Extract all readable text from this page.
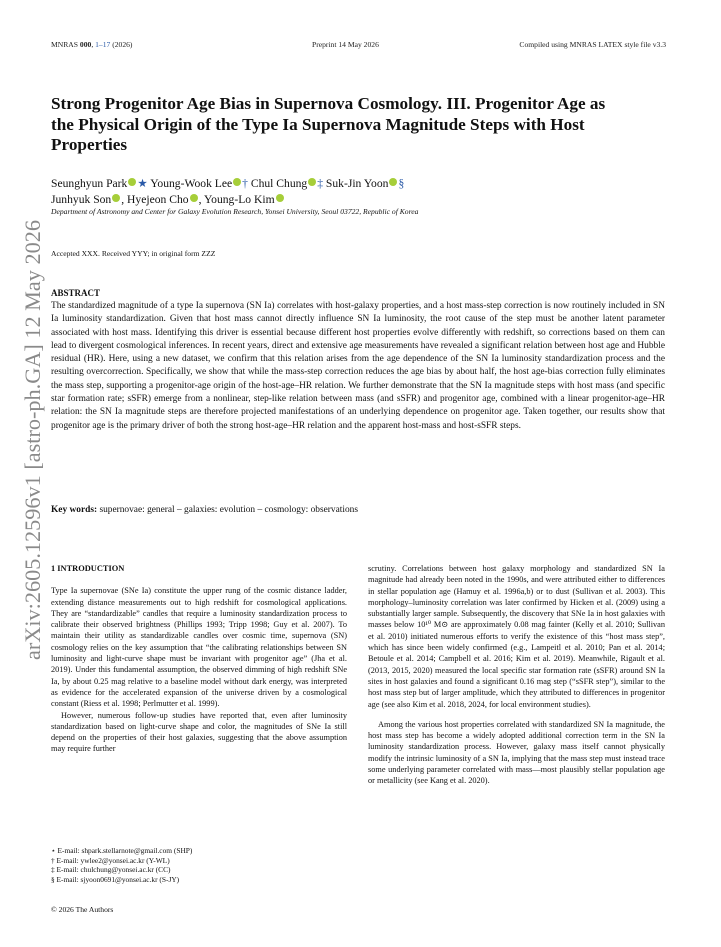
MNRAS 000, 1–17 (2026)	Preprint 14 May 2026	Compiled using MNRAS LATEX style file v3.3
arXiv:2605.12596v1 [astro-ph.GA] 12 May 2026
Strong Progenitor Age Bias in Supernova Cosmology. III. Progenitor Age as the Physical Origin of the Type Ia Supernova Magnitude Steps with Host Properties
Seunghyun Park ★ Young-Wook Lee † Chul Chung ‡ Suk-Jin Yoon §
Junhyuk Son , Hyejeon Cho , Young-Lo Kim
Department of Astronomy and Center for Galaxy Evolution Research, Yonsei University, Seoul 03722, Republic of Korea
Accepted XXX. Received YYY; in original form ZZZ
ABSTRACT
The standardized magnitude of a type Ia supernova (SN Ia) correlates with host-galaxy properties, and a host mass-step correction is now routinely included in SN Ia luminosity standardization. Given that host mass cannot directly influence SN Ia luminosity, the root cause of the step must be another latent parameter associated with host mass. Identifying this driver is essential because different host properties evolve differently with redshift, so corrections based on them can lead to divergent cosmological inferences. In recent years, direct and extensive age measurements have revealed a significant relation between host age and Hubble residual (HR). Here, using a new dataset, we confirm that this relation arises from the age dependence of the SN Ia luminosity standardization process and the resulting overcorrection. Specifically, we show that while the mass-step correction reduces the age bias by about half, the host age-bias correction fully eliminates the mass step, supporting a progenitor-age origin of the host-age–HR relation. We further demonstrate that the SN Ia magnitude steps with host mass (and specific star formation rate; sSFR) emerge from a nonlinear, step-like relation between mass (and sSFR) and progenitor age, combined with a linear progenitor-age–HR relation: the SN Ia magnitude steps are therefore projected manifestations of an underlying dependence on progenitor age. Taken together, our results show that progenitor age is the primary driver of both the strong host-age–HR relation and the apparent host-mass and host-sSFR steps.
Key words: supernovae: general – galaxies: evolution – cosmology: observations
1 INTRODUCTION

Type Ia supernovae (SNe Ia) constitute the upper rung of the cosmic distance ladder, extending distance measurements out to high redshift for cosmological applications. They are “standardizable” candles that require a luminosity standardization process to calibrate their observed brightness (Phillips 1993; Tripp 1998; Guy et al. 2007). To maintain their utility as standardizable candles over cosmic time, supernova (SN) cosmology relies on the key assumption that “the calibrating relationships between SN luminosity and light-curve shape must be invariant with progenitor age” (Jha et al. 2019). Under this fundamental assumption, the observed dimming of high redshift SNe Ia, by about 0.25 mag relative to a baseline model without dark energy, was interpreted as evidence for the accelerated expansion of the universe driven by a cosmological constant (Riess et al. 1998; Perlmutter et al. 1999).

However, numerous follow-up studies have reported that, even after luminosity standardization based on light-curve shape and color, the magnitudes of SNe Ia still depend on the properties of their host galaxies, suggesting that the above assumption may require further

scrutiny. Correlations between host galaxy morphology and standardized SN Ia magnitude had already been noted in the 1990s, and were attributed either to differences in stellar population age (Hamuy et al. 1996a,b) or to dust (Sullivan et al. 2003). This morphology–luminosity correlation was later confirmed by Hicken et al. (2009) using a substantially larger sample. Subsequently, the discovery that SNe Ia in host galaxies with masses below 10¹⁰ M⊙ are approximately 0.08 mag fainter (Kelly et al. 2010; Sullivan et al. 2010) initiated numerous efforts to verify the existence of this “host mass step”, which has since been widely confirmed (e.g., Lampeitl et al. 2010; Pan et al. 2014; Betoule et al. 2014; Campbell et al. 2016; Kim et al. 2019). Meanwhile, Rigault et al. (2013, 2015, 2020) measured the local specific star formation rate (sSFR) around SN Ia sites in host galaxies and found a significant 0.16 mag step (“sSFR step”), similar to the host mass step but of larger amplitude, which they attributed to differences in progenitor age (see also Kim et al. 2018, 2024, for local environment studies).

Among the various host properties correlated with standardized SN Ia magnitude, the host mass step has become a widely adopted additional correction term in the SN Ia luminosity standardization process. However, galaxy mass itself cannot physically modify the intrinsic luminosity of a SN Ia, implying that the mass step must instead trace some underlying parameter correlated with mass—most plausibly stellar population age or metallicity (see Kang et al. 2020).

⋆ E-mail: shpark.stellarnote@gmail.com (SHP)
† E-mail: ywlee2@yonsei.ac.kr (Y-WL)
‡ E-mail: chulchung@yonsei.ac.kr (CC)
§ E-mail: sjyoon0691@yonsei.ac.kr (S-JY)
© 2026 The Authors
